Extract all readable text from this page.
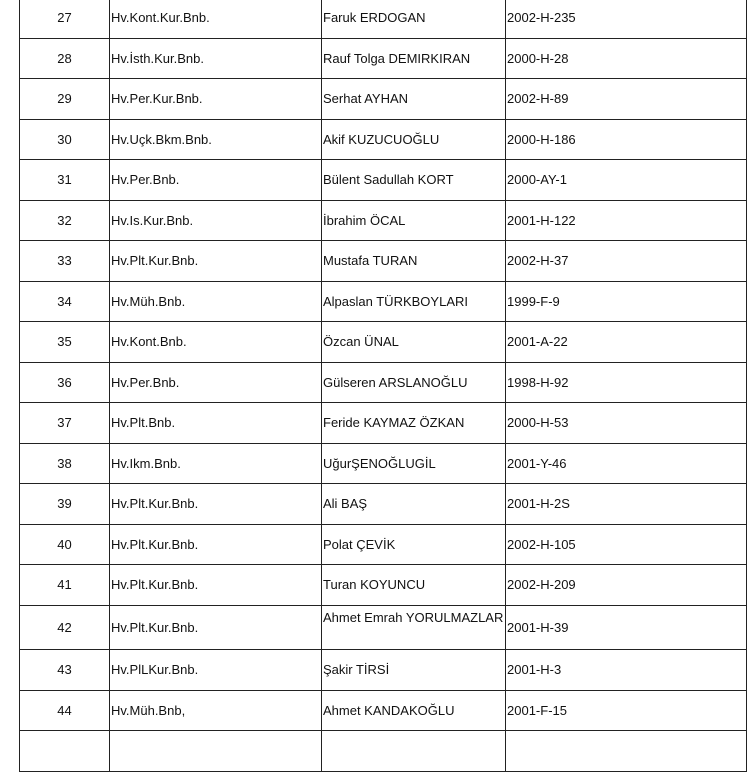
27	Hv.Kont.Kur.Bnb.	Faruk ERDOGAN	2002-H-235
28	Hv.İsth.Kur.Bnb.	Rauf Tolga DEMIRKIRAN	2000-H-28
29	Hv.Per.Kur.Bnb.	Serhat AYHAN	2002-H-89
30	Hv.Uçk.Bkm.Bnb.	Akif KUZUCUOĞLU	2000-H-186
31	Hv.Per.Bnb.	Bülent Sadullah KORT	2000-AY-1
32	Hv.Is.Kur.Bnb.	İbrahim ÖCAL	2001-H-122
33	Hv.Plt.Kur.Bnb.	Mustafa TURAN	2002-H-37
34	Hv.Müh.Bnb.	Alpaslan TÜRKBOYLARI	1999-F-9
35	Hv.Kont.Bnb.	Özcan ÜNAL	2001-A-22
36	Hv.Per.Bnb.	Gülseren ARSLANOĞLU	1998-H-92
37	Hv.Plt.Bnb.	Feride KAYMAZ ÖZKAN	2000-H-53
38	Hv.Ikm.Bnb.	UğurŞENOĞLUGİL	2001-Y-46
39	Hv.Plt.Kur.Bnb.	Ali BAŞ	2001-H-2S
40	Hv.Plt.Kur.Bnb.	Polat ÇEVİK	2002-H-105
41	Hv.Plt.Kur.Bnb.	Turan KOYUNCU	2002-H-209
42	Hv.Plt.Kur.Bnb.	Ahmet Emrah YORULMAZLAR	2001-H-39
43	Hv.PlLKur.Bnb.	Şakir TİRSİ	2001-H-3
44	Hv.Müh.Bnb,	Ahmet KANDAKOĞLU	2001-F-15
